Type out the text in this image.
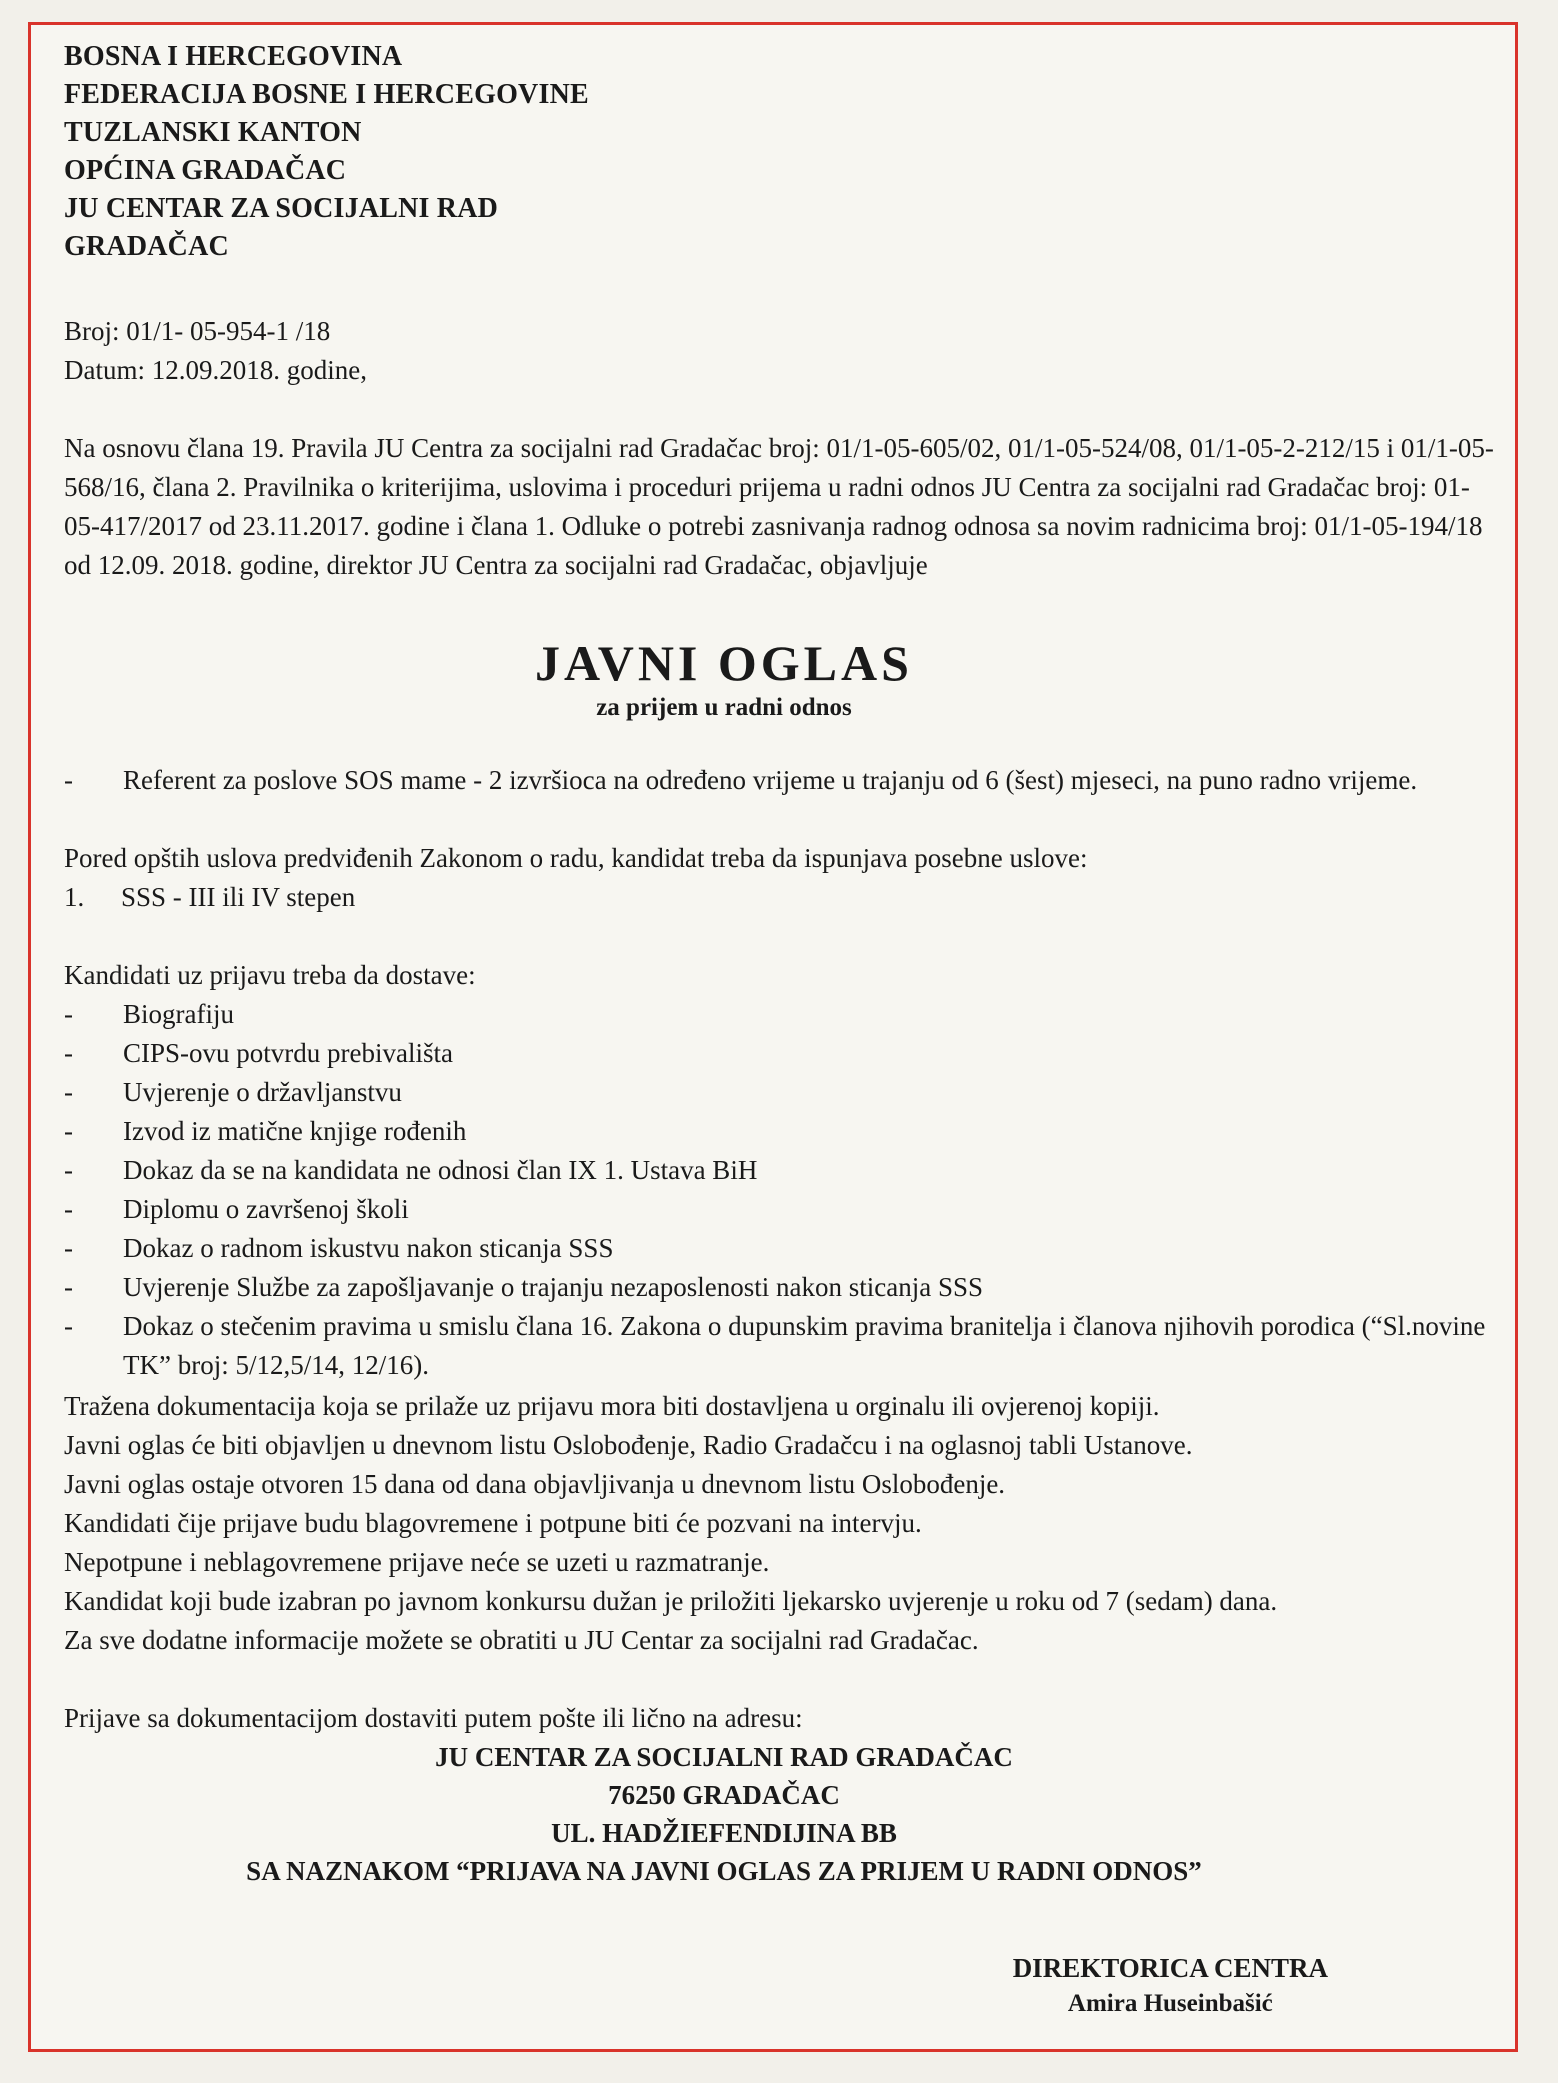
BOSNA I HERCEGOVINA
FEDERACIJA BOSNE I HERCEGOVINE
TUZLANSKI KANTON
OPĆINA GRADAČAC
JU CENTAR ZA SOCIJALNI RAD
GRADAČAC
Broj: 01/1- 05-954-1 /18
Datum: 12.09.2018. godine,
Na osnovu člana 19. Pravila JU Centra za socijalni rad Gradačac broj: 01/1-05-605/02, 01/1-05-524/08, 01/1-05-2-212/15 i 01/1-05-568/16, člana 2. Pravilnika o kriterijima, uslovima i proceduri prijema u radni odnos JU Centra za socijalni rad Gradačac broj: 01-05-417/2017 od 23.11.2017. godine i člana 1. Odluke o potrebi zasnivanja radnog odnosa sa novim radnicima broj: 01/1-05-194/18 od 12.09. 2018. godine, direktor JU Centra za socijalni rad Gradačac, objavljuje
JAVNI OGLAS
za prijem u radni odnos
- Referent za poslove SOS mame - 2 izvršioca na određeno vrijeme u trajanju od 6 (šest) mjeseci, na puno radno vrijeme.
Pored opštih uslova predviđenih Zakonom o radu, kandidat treba da ispunjava posebne uslove:
1. SSS - III ili IV stepen
Kandidati uz prijavu treba da dostave:
- Biografiju
- CIPS-ovu potvrdu prebivališta
- Uvjerenje o državljanstvu
- Izvod iz matične knjige rođenih
- Dokaz da se na kandidata ne odnosi član IX 1. Ustava BiH
- Diplomu o završenoj školi
- Dokaz o radnom iskustvu nakon sticanja SSS
- Uvjerenje Službe za zapošljavanje o trajanju nezaposlenosti nakon sticanja SSS
- Dokaz o stečenim pravima u smislu člana 16. Zakona o dupunskim pravima branitelja i članova njihovih porodica (“Sl.novine TK” broj: 5/12,5/14, 12/16).
Tražena dokumentacija koja se prilaže uz prijavu mora biti dostavljena u orginalu ili ovjerenoj kopiji.
Javni oglas će biti objavljen u dnevnom listu Oslobođenje, Radio Gradačcu i na oglasnoj tabli Ustanove.
Javni oglas ostaje otvoren 15 dana od dana objavljivanja u dnevnom listu Oslobođenje.
Kandidati čije prijave budu blagovremene i potpune biti će pozvani na intervju.
Nepotpune i neblagovremene prijave neće se uzeti u razmatranje.
Kandidat koji bude izabran po javnom konkursu dužan je priložiti ljekarsko uvjerenje u roku od 7 (sedam) dana.
Za sve dodatne informacije možete se obratiti u JU Centar za socijalni rad Gradačac.
Prijave sa dokumentacijom dostaviti putem pošte ili lično na adresu:
JU CENTAR ZA SOCIJALNI RAD GRADAČAC
76250 GRADAČAC
UL. HADŽIEFENDIJINA BB
SA NAZNAKOM “PRIJAVA NA JAVNI OGLAS ZA PRIJEM U RADNI ODNOS”
DIREKTORICA CENTRA
Amira Huseinbašić
